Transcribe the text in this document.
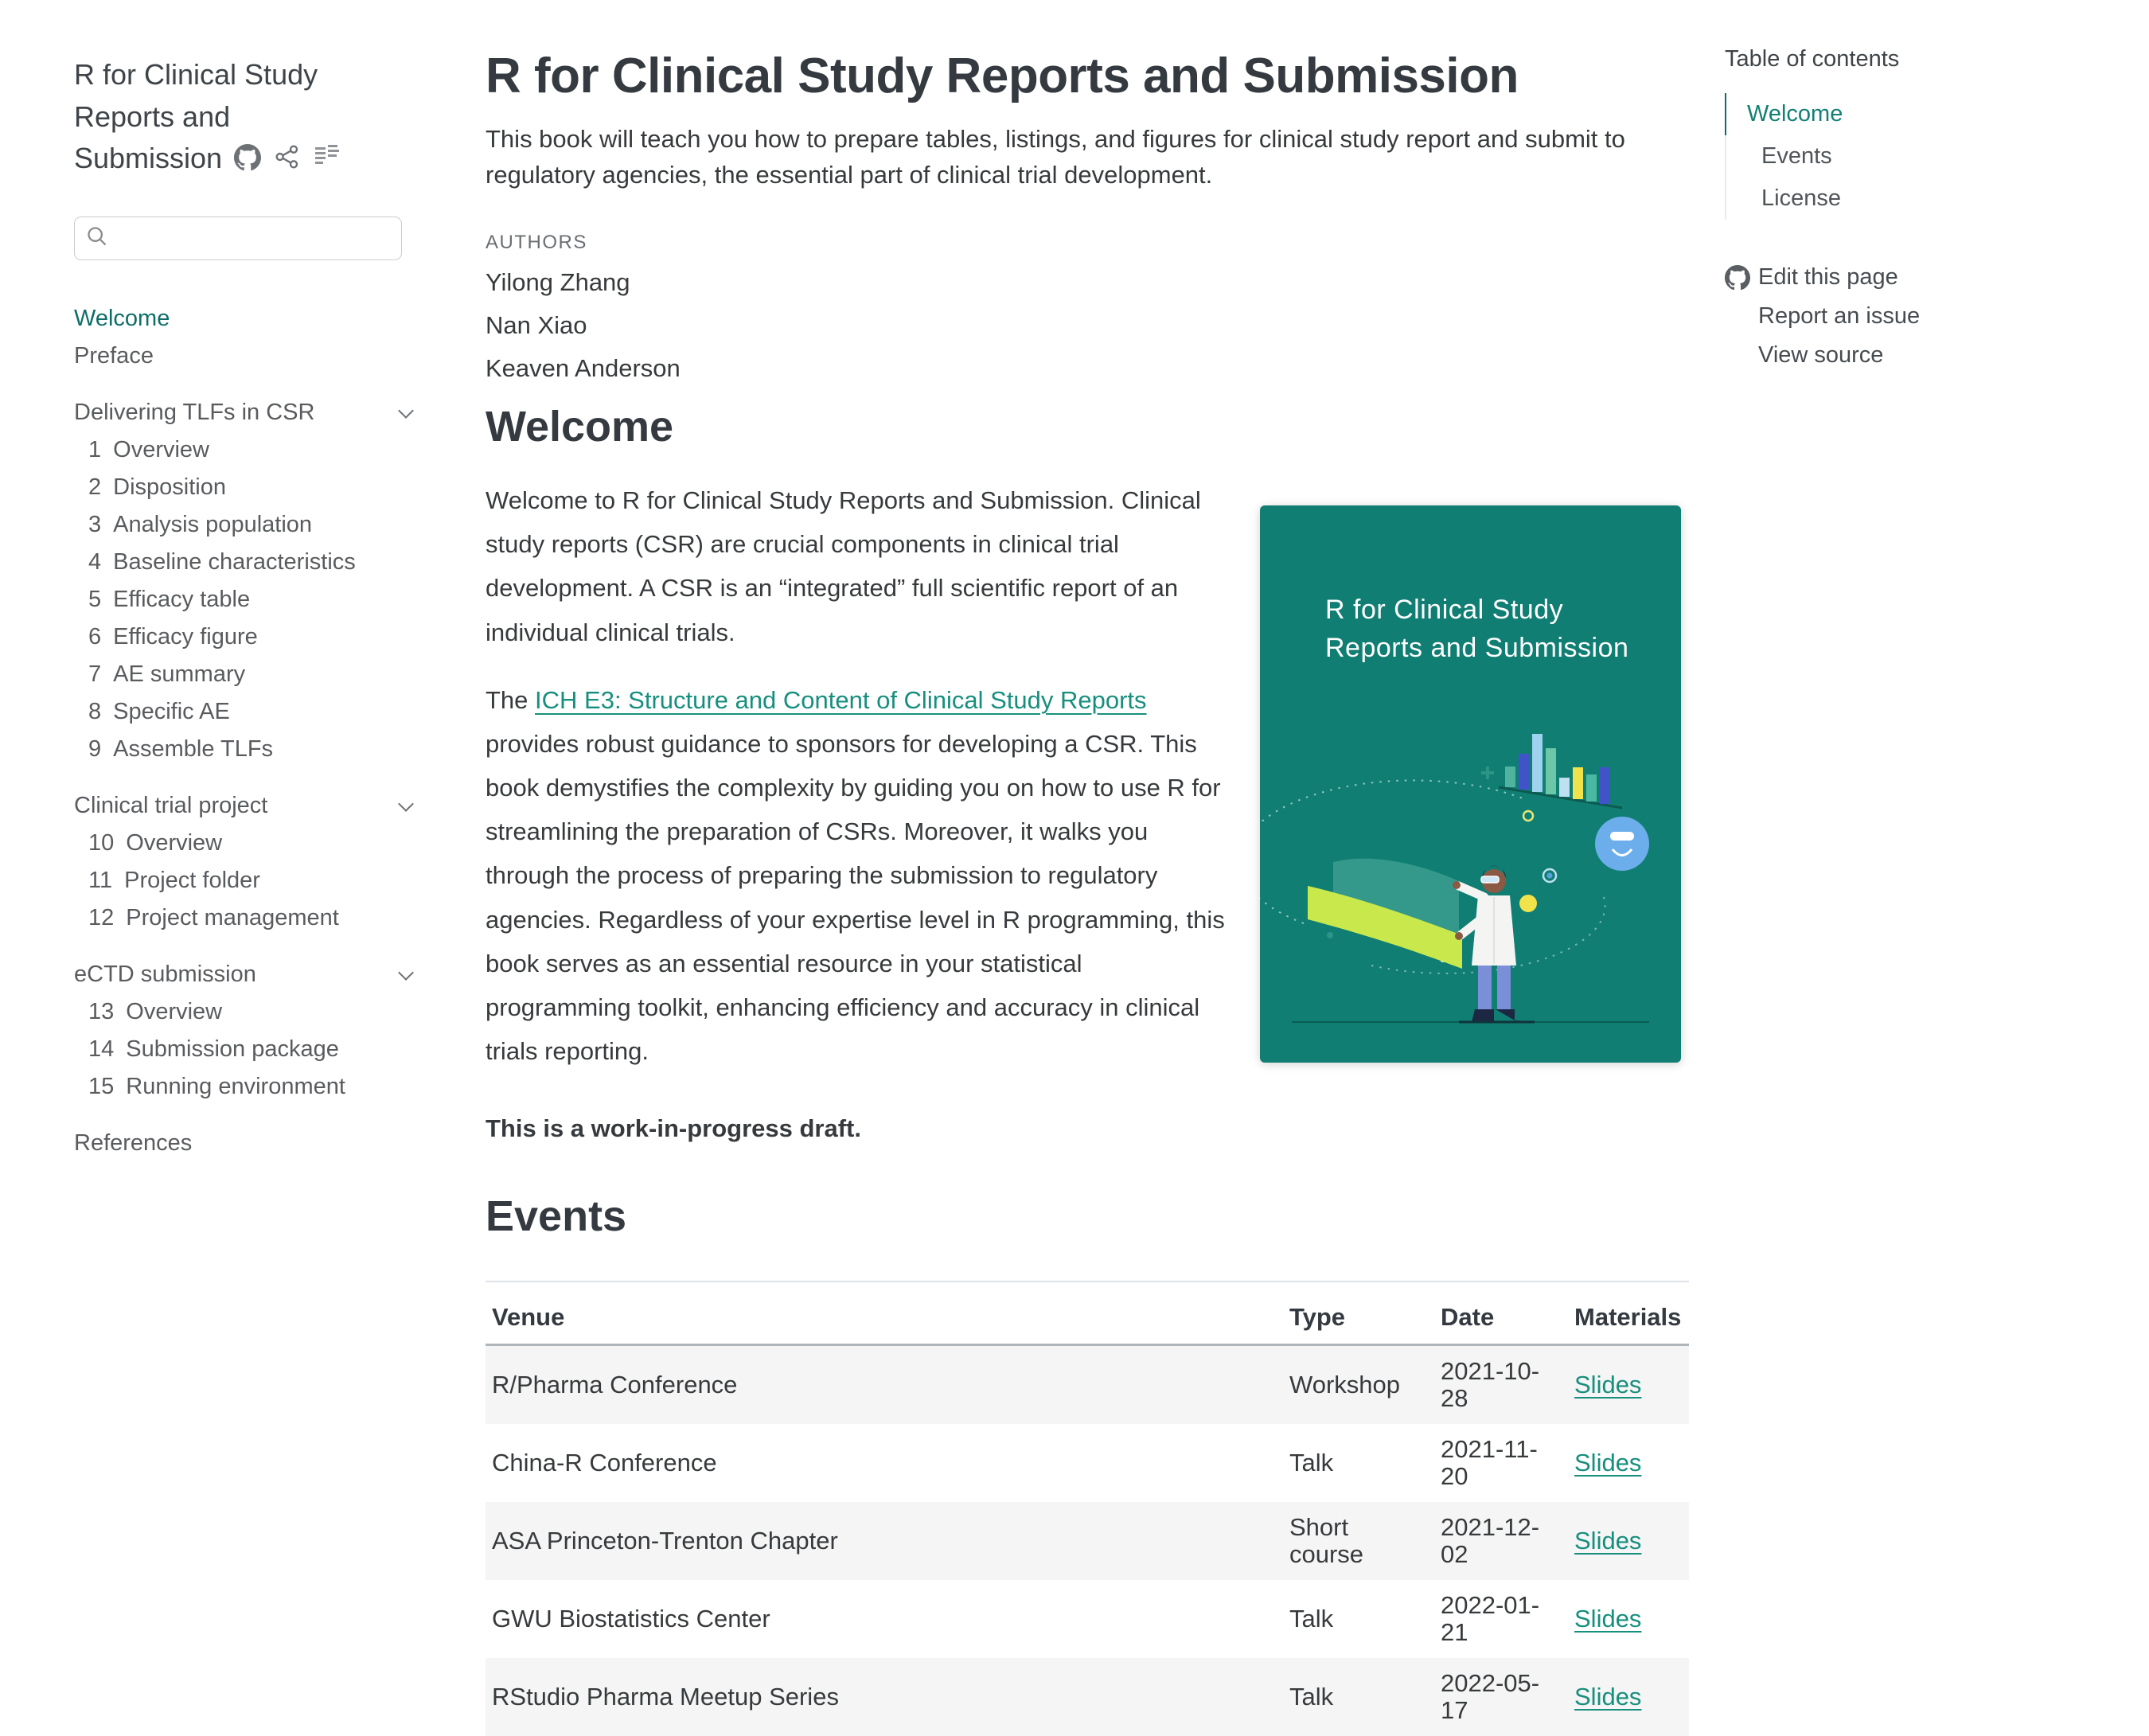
R for Clinical Study Reports and Submission
Welcome
Preface
Delivering TLFs in CSR
1 Overview
2 Disposition
3 Analysis population
4 Baseline characteristics
5 Efficacy table
6 Efficacy figure
7 AE summary
8 Specific AE
9 Assemble TLFs
Clinical trial project
10 Overview
11 Project folder
12 Project management
eCTD submission
13 Overview
14 Submission package
15 Running environment
References
R for Clinical Study Reports and Submission
This book will teach you how to prepare tables, listings, and figures for clinical study report and submit to regulatory agencies, the essential part of clinical trial development.
AUTHORS
Yilong Zhang
Nan Xiao
Keaven Anderson
Welcome

Welcome to R for Clinical Study Reports and Submission. Clinical study reports (CSR) are crucial components in clinical trial development. A CSR is an “integrated” full scientific report of an individual clinical trials.

The ICH E3: Structure and Content of Clinical Study Reports provides robust guidance to sponsors for developing a CSR. This book demystifies the complexity by guiding you on how to use R for streamlining the preparation of CSRs. Moreover, it walks you through the process of preparing the submission to regulatory agencies. Regardless of your expertise level in R programming, this book serves as an essential resource in your statistical programming toolkit, enhancing efficiency and accuracy in clinical trials reporting.

This is a work-in-progress draft.
R for Clinical Study
Reports and Submission
Events
Venue	Type	Date	Materials
R/Pharma Conference	Workshop	2021-10-28	Slides
China-R Conference	Talk	2021-11-20	Slides
ASA Princeton-Trenton Chapter	Short course	2021-12-02	Slides
GWU Biostatistics Center	Talk	2022-01-21	Slides
RStudio Pharma Meetup Series	Talk	2022-05-17	Slides
Table of contents
Welcome
Events
License
Edit this page
Report an issue
View source
